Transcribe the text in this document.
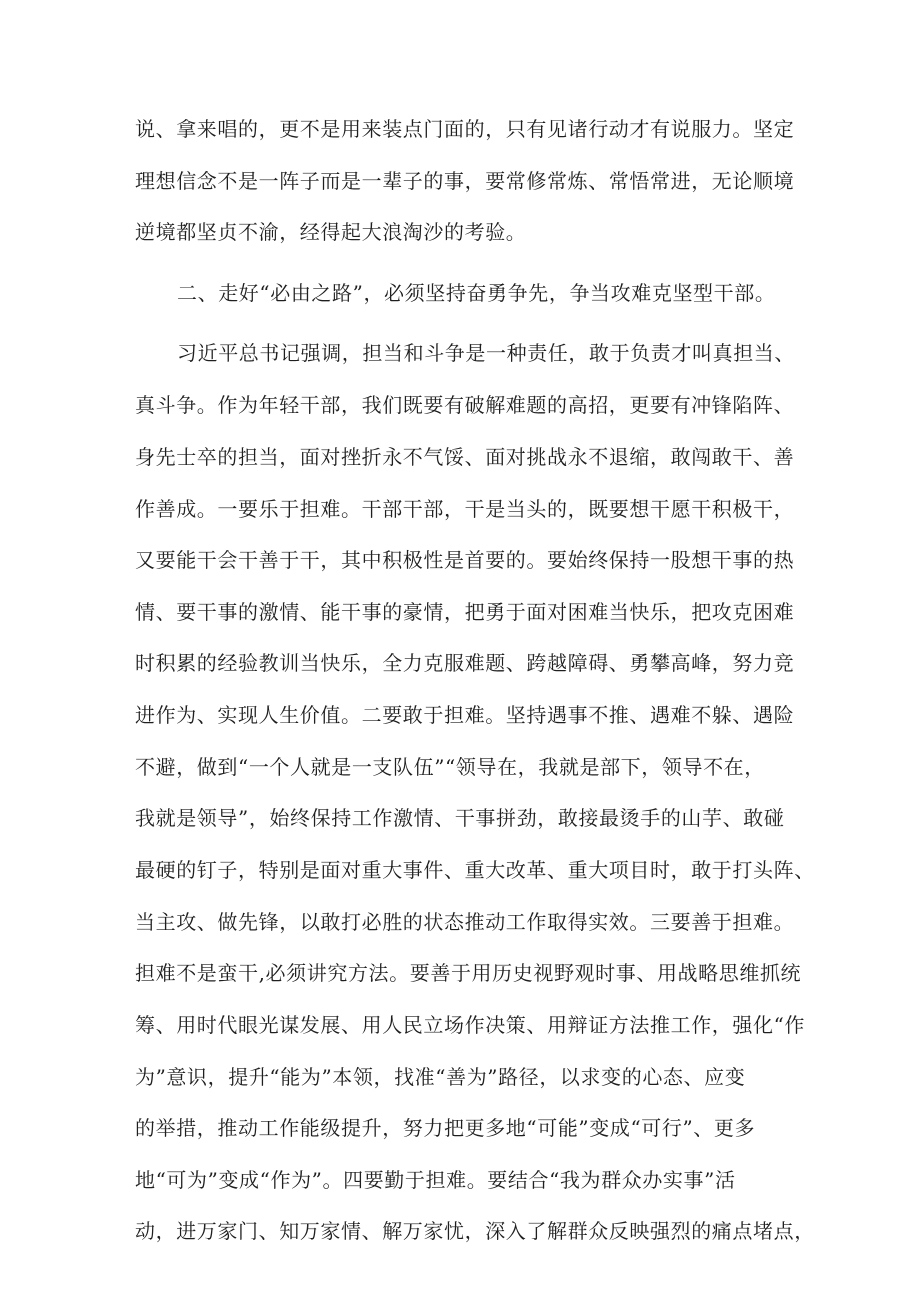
说、拿来唱的，更不是用来装点门面的，只有见诸行动才有说服力。坚定

理想信念不是一阵子而是一辈子的事，要常修常炼、常悟常进，无论顺境

逆境都坚贞不渝，经得起大浪淘沙的考验。

二、走好“必由之路”，必须坚持奋勇争先，争当攻难克坚型干部。

习近平总书记强调，担当和斗争是一种责任，敢于负责才叫真担当、

真斗争。作为年轻干部，我们既要有破解难题的高招，更要有冲锋陷阵、

身先士卒的担当，面对挫折永不气馁、面对挑战永不退缩，敢闯敢干、善

作善成。一要乐于担难。干部干部，干是当头的，既要想干愿干积极干，

又要能干会干善于干，其中积极性是首要的。要始终保持一股想干事的热

情、要干事的激情、能干事的豪情，把勇于面对困难当快乐，把攻克困难

时积累的经验教训当快乐，全力克服难题、跨越障碍、勇攀高峰，努力竞

进作为、实现人生价值。二要敢于担难。坚持遇事不推、遇难不躲、遇险

不避，做到“一个人就是一支队伍”“领导在，我就是部下，领导不在，

我就是领导”，始终保持工作激情、干事拼劲，敢接最烫手的山芋、敢碰

最硬的钉子，特别是面对重大事件、重大改革、重大项目时，敢于打头阵、

当主攻、做先锋，以敢打必胜的状态推动工作取得实效。三要善于担难。

担难不是蛮干,必须讲究方法。要善于用历史视野观时事、用战略思维抓统

筹、用时代眼光谋发展、用人民立场作决策、用辩证方法推工作，强化“作

为”意识，提升“能为”本领，找准“善为”路径，以求变的心态、应变

的举措，推动工作能级提升，努力把更多地“可能”变成“可行”、更多

地“可为”变成“作为”。四要勤于担难。要结合“我为群众办实事”活

动，进万家门、知万家情、解万家忧，深入了解群众反映强烈的痛点堵点，
